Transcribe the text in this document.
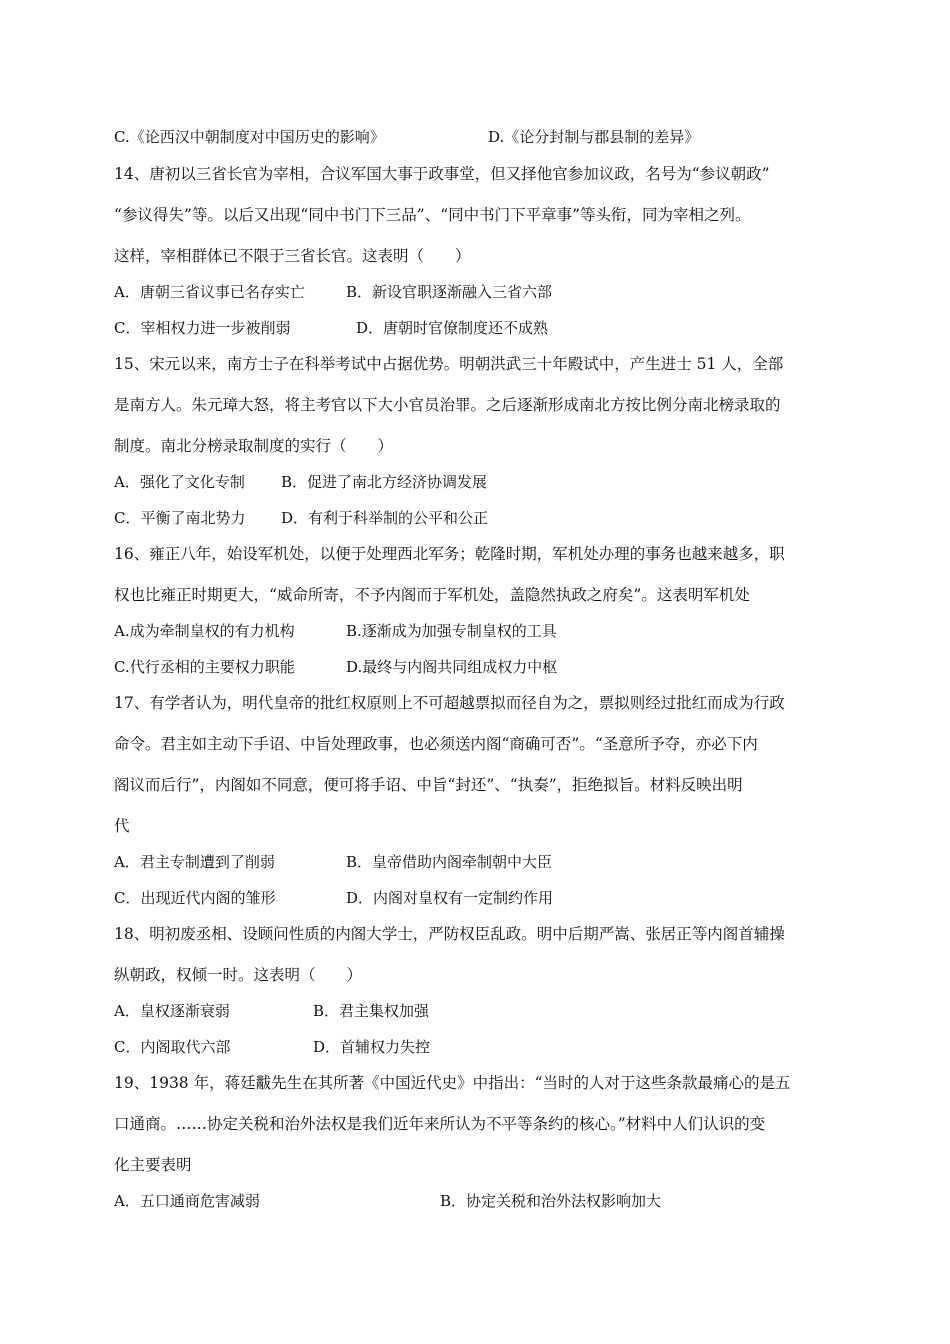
C.《论西汉中朝制度对中国历史的影响》	D.《论分封制与郡县制的差异》
14、唐初以三省长官为宰相，合议军国大事于政事堂，但又择他官参加议政，名号为“参议朝政”
“参议得失”等。以后又出现“同中书门下三品”、“同中书门下平章事”等头衔，同为宰相之列。
这样，宰相群体已不限于三省长官。这表明（　　）
A．唐朝三省议事已名存实亡	B．新设官职逐渐融入三省六部
C．宰相权力进一步被削弱	D．唐朝时官僚制度还不成熟
15、宋元以来，南方士子在科举考试中占据优势。明朝洪武三十年殿试中，产生进士 51 人，全部
是南方人。朱元璋大怒，将主考官以下大小官员治罪。之后逐渐形成南北方按比例分南北榜录取的
制度。南北分榜录取制度的实行（　　）
A．强化了文化专制 B．促进了南北方经济协调发展
C．平衡了南北势力 D．有利于科举制的公平和公正
16、雍正八年，始设军机处，以便于处理西北军务；乾隆时期，军机处办理的事务也越来越多，职
权也比雍正时期更大，“威命所寄，不予内阁而于军机处，盖隐然执政之府矣”。这表明军机处
A.成为牵制皇权的有力机构	B.逐渐成为加强专制皇权的工具
C.代行丞相的主要权力职能	D.最终与内阁共同组成权力中枢
17、有学者认为，明代皇帝的批红权原则上不可超越票拟而径自为之，票拟则经过批红而成为行政
命令。君主如主动下手诏、中旨处理政事，也必须送内阁“商确可否”。“圣意所予夺，亦必下内
阁议而后行”，内阁如不同意，便可将手诏、中旨“封还”、“执奏”，拒绝拟旨。材料反映出明
代
A．君主专制遭到了削弱	B．皇帝借助内阁牵制朝中大臣
C．出现近代内阁的雏形	D．内阁对皇权有一定制约作用
18、明初废丞相、设顾问性质的内阁大学士，严防权臣乱政。明中后期严嵩、张居正等内阁首辅操
纵朝政，权倾一时。这表明（　　）
A．皇权逐渐衰弱	B．君主集权加强
C．内阁取代六部	D．首辅权力失控
19、1938 年，蒋廷黻先生在其所著《中国近代史》中指出：“当时的人对于这些条款最痛心的是五
口通商。……协定关税和治外法权是我们近年来所认为不平等条约的核心。”材料中人们认识的变
化主要表明
A．五口通商危害减弱	B．协定关税和治外法权影响加大
